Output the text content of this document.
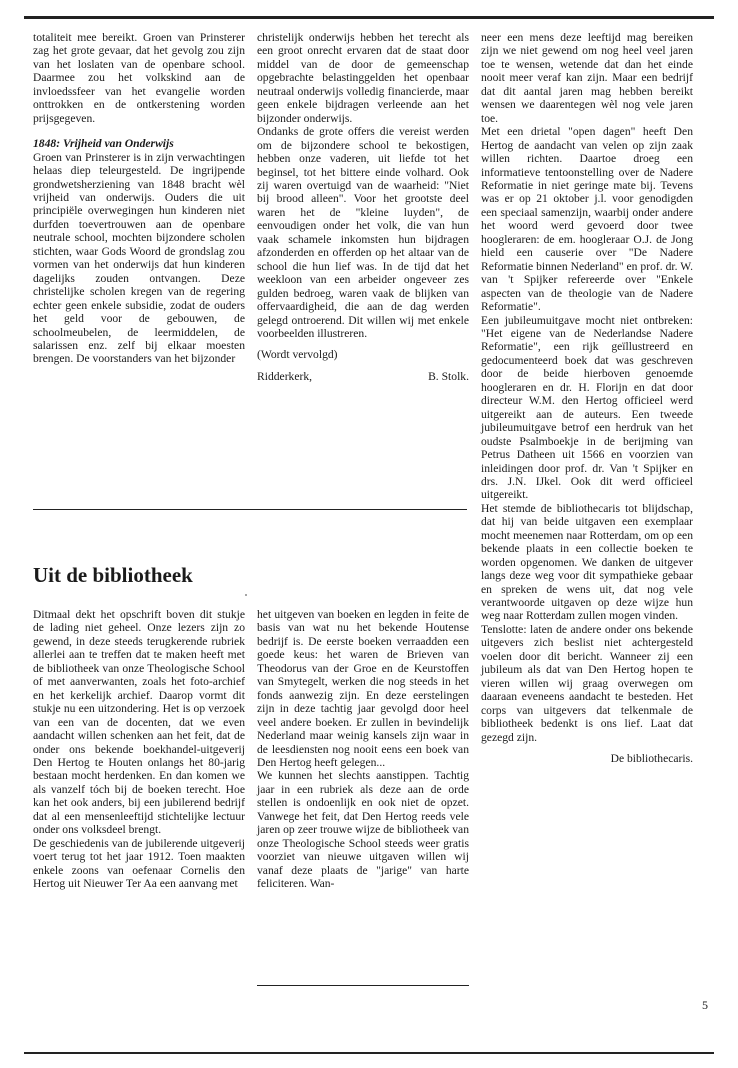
totaliteit mee bereikt. Groen van Prinsterer zag het grote gevaar, dat het gevolg zou zijn van het loslaten van de openbare school. Daarmee zou het volkskind aan de invloedssfeer van het evangelie worden onttrokken en de ontkerstening worden prijsgegeven.

1848: Vrijheid van Onderwijs

Groen van Prinsterer is in zijn verwachtingen helaas diep teleurgesteld. De ingrijpende grondwetsherziening van 1848 bracht wèl vrijheid van onderwijs. Ouders die uit principiële overwegingen hun kinderen niet durfden toevertrouwen aan de openbare neutrale school, mochten bijzondere scholen stichten, waar Gods Woord de grondslag zou vormen van het onderwijs dat hun kinderen dagelijks zouden ontvangen. Deze christelijke scholen kregen van de regering echter geen enkele subsidie, zodat de ouders het geld voor de gebouwen, de schoolmeubelen, de leermiddelen, de salarissen enz. zelf bij elkaar moesten brengen. De voorstanders van het bijzonder

christelijk onderwijs hebben het terecht als een groot onrecht ervaren dat de staat door middel van de door de gemeenschap opgebrachte belastinggelden het openbaar neutraal onderwijs volledig financierde, maar geen enkele bijdragen verleende aan het bijzonder onderwijs.

Ondanks de grote offers die vereist werden om de bijzondere school te bekostigen, hebben onze vaderen, uit liefde tot het beginsel, tot het bittere einde volhard. Ook zij waren overtuigd van de waarheid: "Niet bij brood alleen". Voor het grootste deel waren het de "kleine luyden", de eenvoudigen onder het volk, die van hun vaak schamele inkomsten hun bijdragen afzonderden en offerden op het altaar van de school die hun lief was. In de tijd dat het weekloon van een arbeider ongeveer zes gulden bedroeg, waren vaak de blijken van offervaardigheid, die aan de dag werden gelegd ontroerend. Dit willen wij met enkele voorbeelden illustreren.

(Wordt vervolgd)

Ridderkerk,	B. Stolk.

Uit de bibliotheek

Ditmaal dekt het opschrift boven dit stukje de lading niet geheel. Onze lezers zijn zo gewend, in deze steeds terugkerende rubriek allerlei aan te treffen dat te maken heeft met de bibliotheek van onze Theologische School of met aanverwanten, zoals het foto-archief en het kerkelijk archief. Daarop vormt dit stukje nu een uitzondering. Het is op verzoek van een van de docenten, dat we even aandacht willen schenken aan het feit, dat de onder ons bekende boekhandel-uitgeverij Den Hertog te Houten onlangs het 80-jarig bestaan mocht herdenken. En dan komen we als vanzelf tóch bij de boeken terecht. Hoe kan het ook anders, bij een jubilerend bedrijf dat al een mensenleeftijd stichtelijke lectuur onder ons volksdeel brengt.

De geschiedenis van de jubilerende uitgeverij voert terug tot het jaar 1912. Toen maakten enkele zoons van oefenaar Cornelis den Hertog uit Nieuwer Ter Aa een aanvang met

het uitgeven van boeken en legden in feite de basis van wat nu het bekende Houtense bedrijf is. De eerste boeken verraadden een goede keus: het waren de Brieven van Theodorus van der Groe en de Keurstoffen van Smytegelt, werken die nog steeds in het fonds aanwezig zijn. En deze eerstelingen zijn in deze tachtig jaar gevolgd door heel veel andere boeken. Er zullen in bevindelijk Nederland maar weinig kansels zijn waar in de leesdiensten nog nooit eens een boek van Den Hertog heeft gelegen...

We kunnen het slechts aanstippen. Tachtig jaar in een rubriek als deze aan de orde stellen is ondoenlijk en ook niet de opzet. Vanwege het feit, dat Den Hertog reeds vele jaren op zeer trouwe wijze de bibliotheek van onze Theologische School steeds weer gratis voorziet van nieuwe uitgaven willen wij vanaf deze plaats de "jarige" van harte feliciteren. Wan-

neer een mens deze leeftijd mag bereiken zijn we niet gewend om nog heel veel jaren toe te wensen, wetende dat dan het einde nooit meer veraf kan zijn. Maar een bedrijf dat dit aantal jaren mag hebben bereikt wensen we daarentegen wèl nog vele jaren toe.

Met een drietal "open dagen" heeft Den Hertog de aandacht van velen op zijn zaak willen richten. Daartoe droeg een informatieve tentoonstelling over de Nadere Reformatie in niet geringe mate bij. Tevens was er op 21 oktober j.l. voor genodigden een speciaal samenzijn, waarbij onder andere het woord werd gevoerd door twee hoogleraren: de em. hoogleraar O.J. de Jong hield een causerie over "De Nadere Reformatie binnen Nederland" en prof. dr. W. van 't Spijker refereerde over "Enkele aspecten van de theologie van de Nadere Reformatie".

Een jubileumuitgave mocht niet ontbreken: "Het eigene van de Nederlandse Nadere Reformatie", een rijk geïllustreerd en gedocumenteerd boek dat was geschreven door de beide hierboven genoemde hoogleraren en dr. H. Florijn en dat door directeur W.M. den Hertog officieel werd uitgereikt aan de auteurs. Een tweede jubileumuitgave betrof een herdruk van het oudste Psalmboekje in de berijming van Petrus Datheen uit 1566 en voorzien van inleidingen door prof. dr. Van 't Spijker en drs. J.N. IJkel. Ook dit werd officieel uitgereikt.

Het stemde de bibliothecaris tot blijdschap, dat hij van beide uitgaven een exemplaar mocht meenemen naar Rotterdam, om op een bekende plaats in een collectie boeken te worden opgenomen. We danken de uitgever langs deze weg voor dit sympathieke gebaar en spreken de wens uit, dat nog vele verantwoorde uitgaven op deze wijze hun weg naar Rotterdam zullen mogen vinden.

Tenslotte: laten de andere onder ons bekende uitgevers zich beslist niet achtergesteld voelen door dit bericht. Wanneer zij een jubileum als dat van Den Hertog hopen te vieren willen wij graag overwegen om daaraan eveneens aandacht te besteden. Het corps van uitgevers dat telkenmale de bibliotheek bedenkt is ons lief. Laat dat gezegd zijn.

De bibliothecaris.

5
